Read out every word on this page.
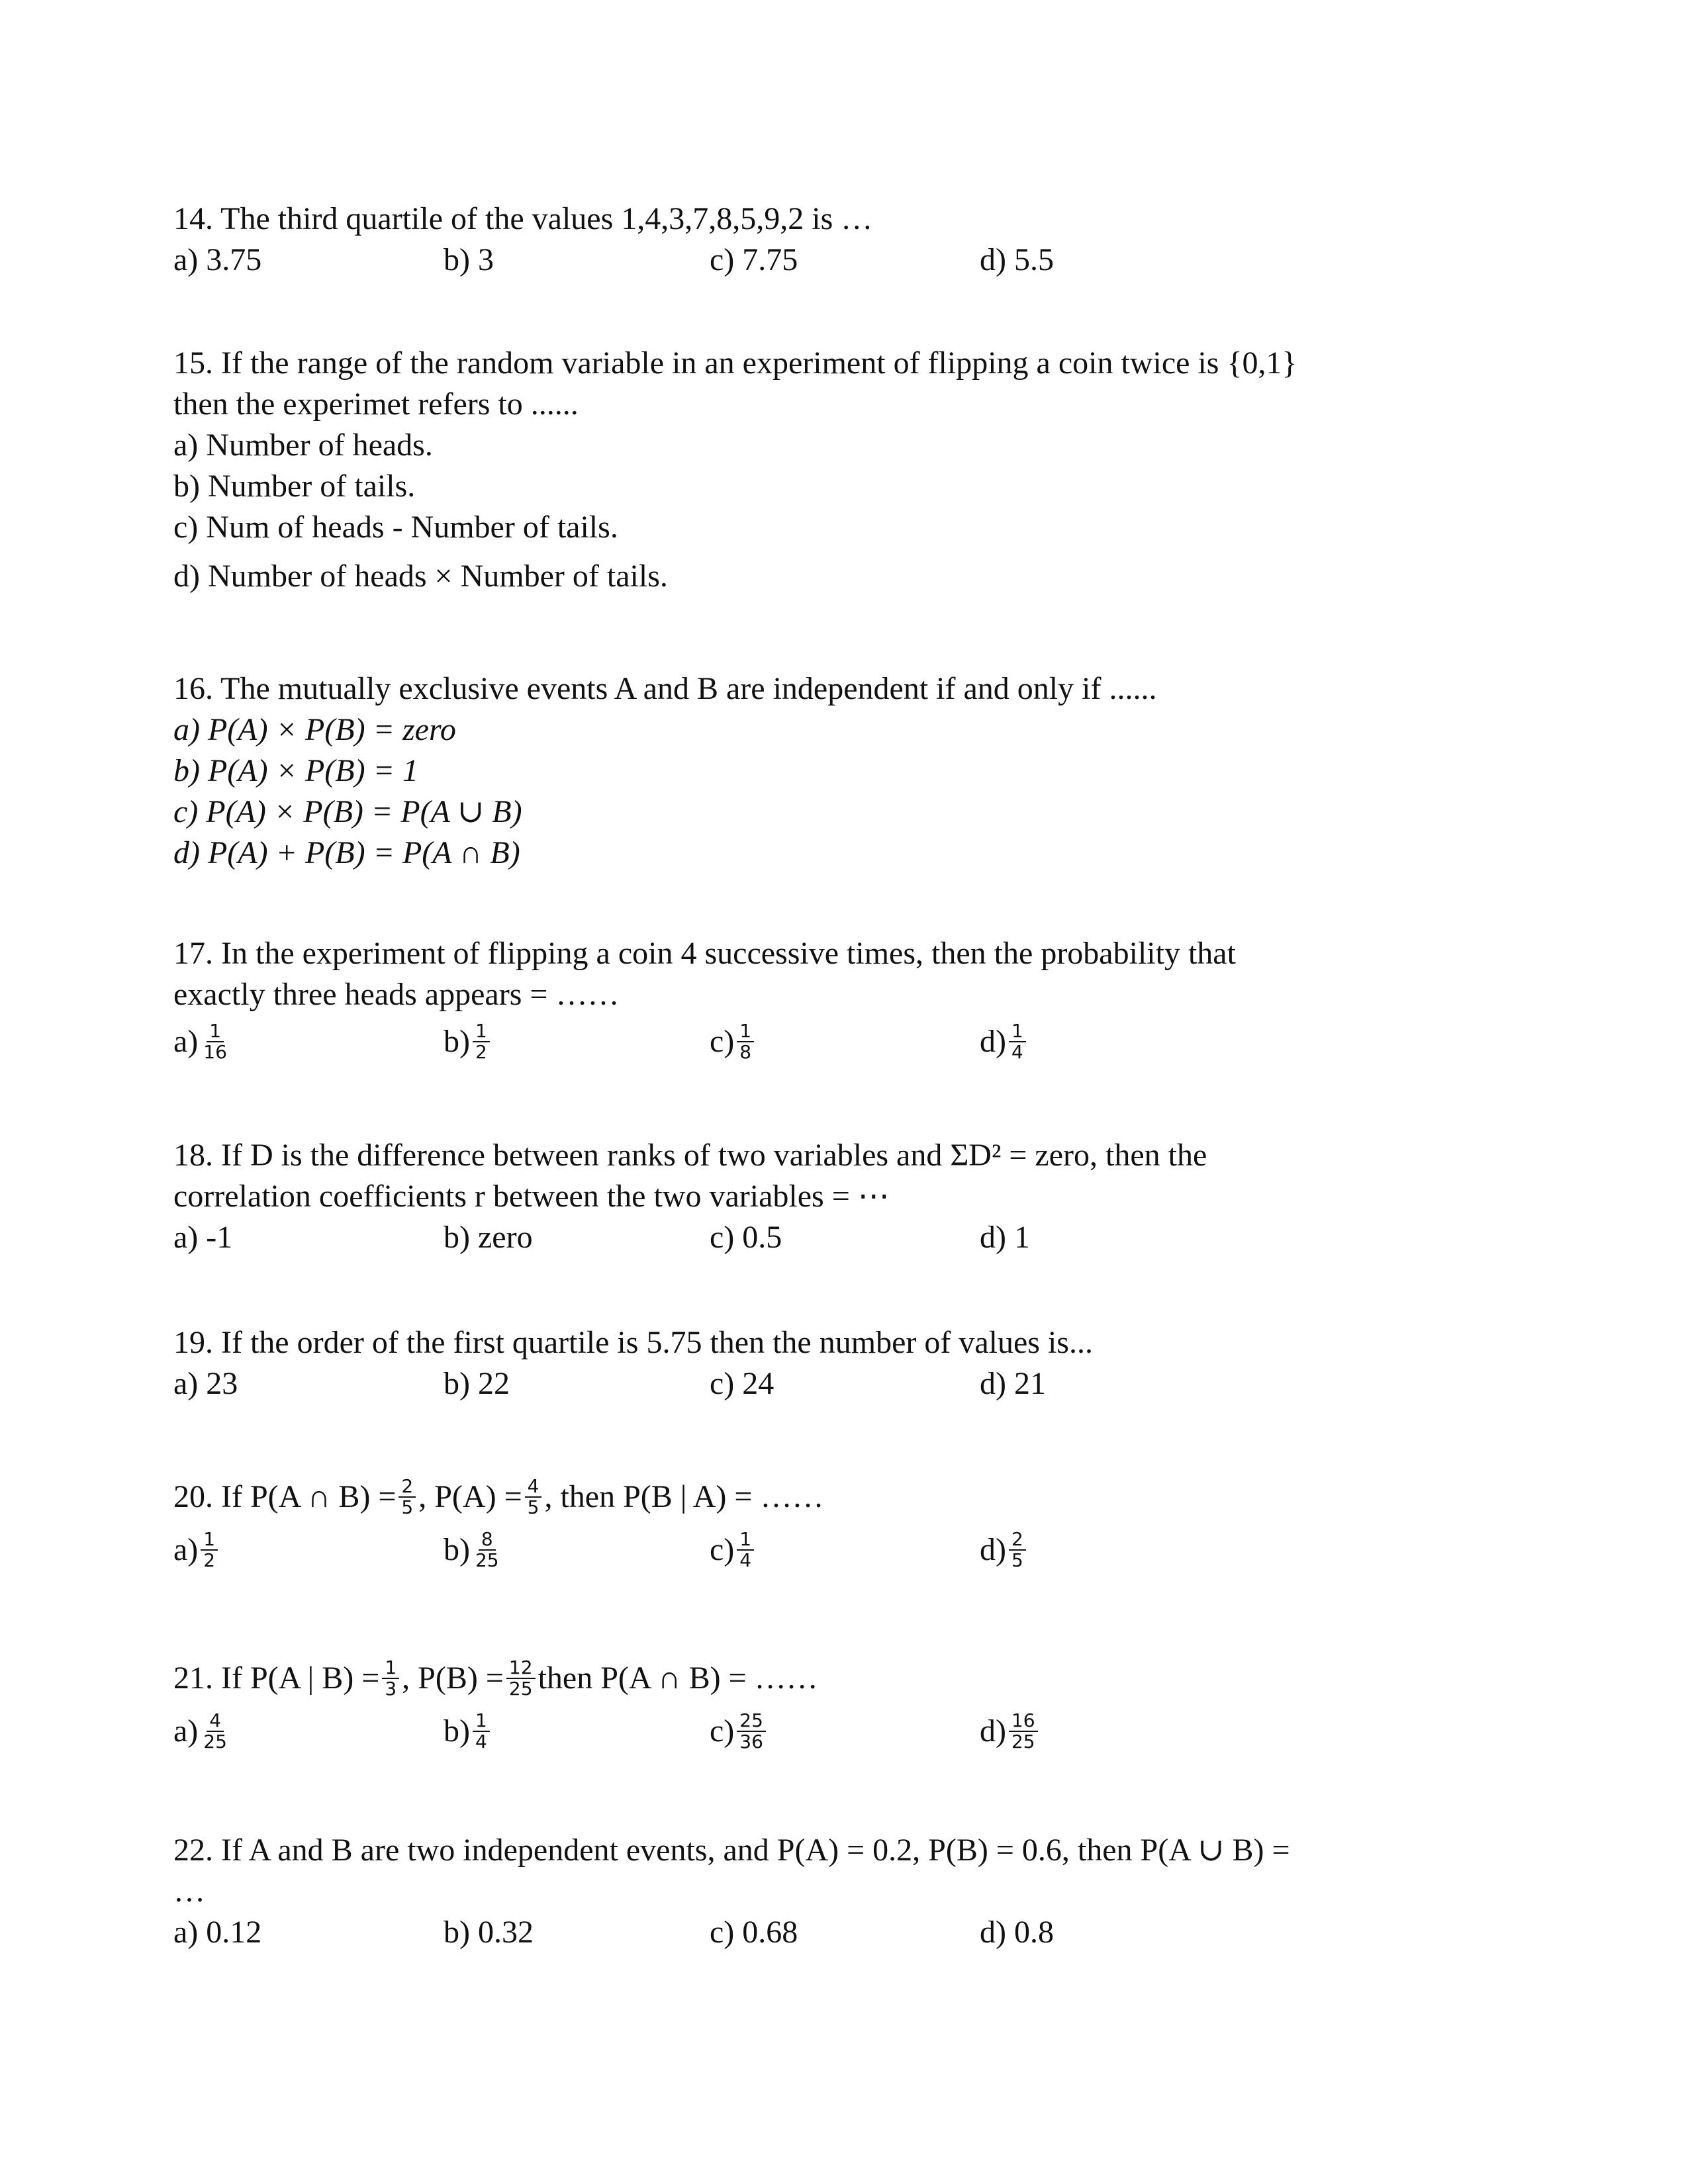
14. The third quartile of the values 1,4,3,7,8,5,9,2 is …
a) 3.75	b) 3	c) 7.75	d) 5.5
15. If the range of the random variable in an experiment of flipping a coin twice is {0,1}
then the experimet refers to ......
a) Number of heads.
b) Number of tails.
c) Num of heads - Number of tails.
d) Number of heads × Number of tails.
16. The mutually exclusive events A and B are independent if and only if ......
a) P(A) × P(B) = zero
b) P(A) × P(B) = 1
c) P(A) × P(B) = P(A ∪ B)
d) P(A) + P(B) = P(A ∩ B)
17. In the experiment of flipping a coin 4 successive times, then the probability that
exactly three heads appears = ……
$a) \frac{1}{16}$	$b) \frac{1}{2}$	$c) \frac{1}{8}$	$d) \frac{1}{4}$
18. If D is the difference between ranks of two variables and ΣD² = zero, then the
correlation coefficients r between the two variables = ⋯
a) -1	b) zero	c) 0.5	d) 1
19. If the order of the first quartile is 5.75 then the number of values is...
a) 23	b) 22	c) 24	d) 21
20. If P(A ∩ $B) = \frac{2}{5}$ , $P(A) = \frac{4}{5}$ , then P(B | A) = ……
$a) \frac{1}{2}$	$b) \frac{8}{25}$	$c) \frac{1}{4}$	$d) \frac{2}{5}$
21. If P(A | $B) = \frac{1}{3}$ , $P(B) = \frac{12}{25}$ then P(A ∩ B) = ……
$a) \frac{4}{25}$	$b) \frac{1}{4}$	$c) \frac{25}{36}$	$d) \frac{16}{25}$
22. If A and B are two independent events, and P(A) = 0.2, P(B) = 0.6, then P(A ∪ B) =
…
a) 0.12	b) 0.32	c) 0.68	d) 0.8
